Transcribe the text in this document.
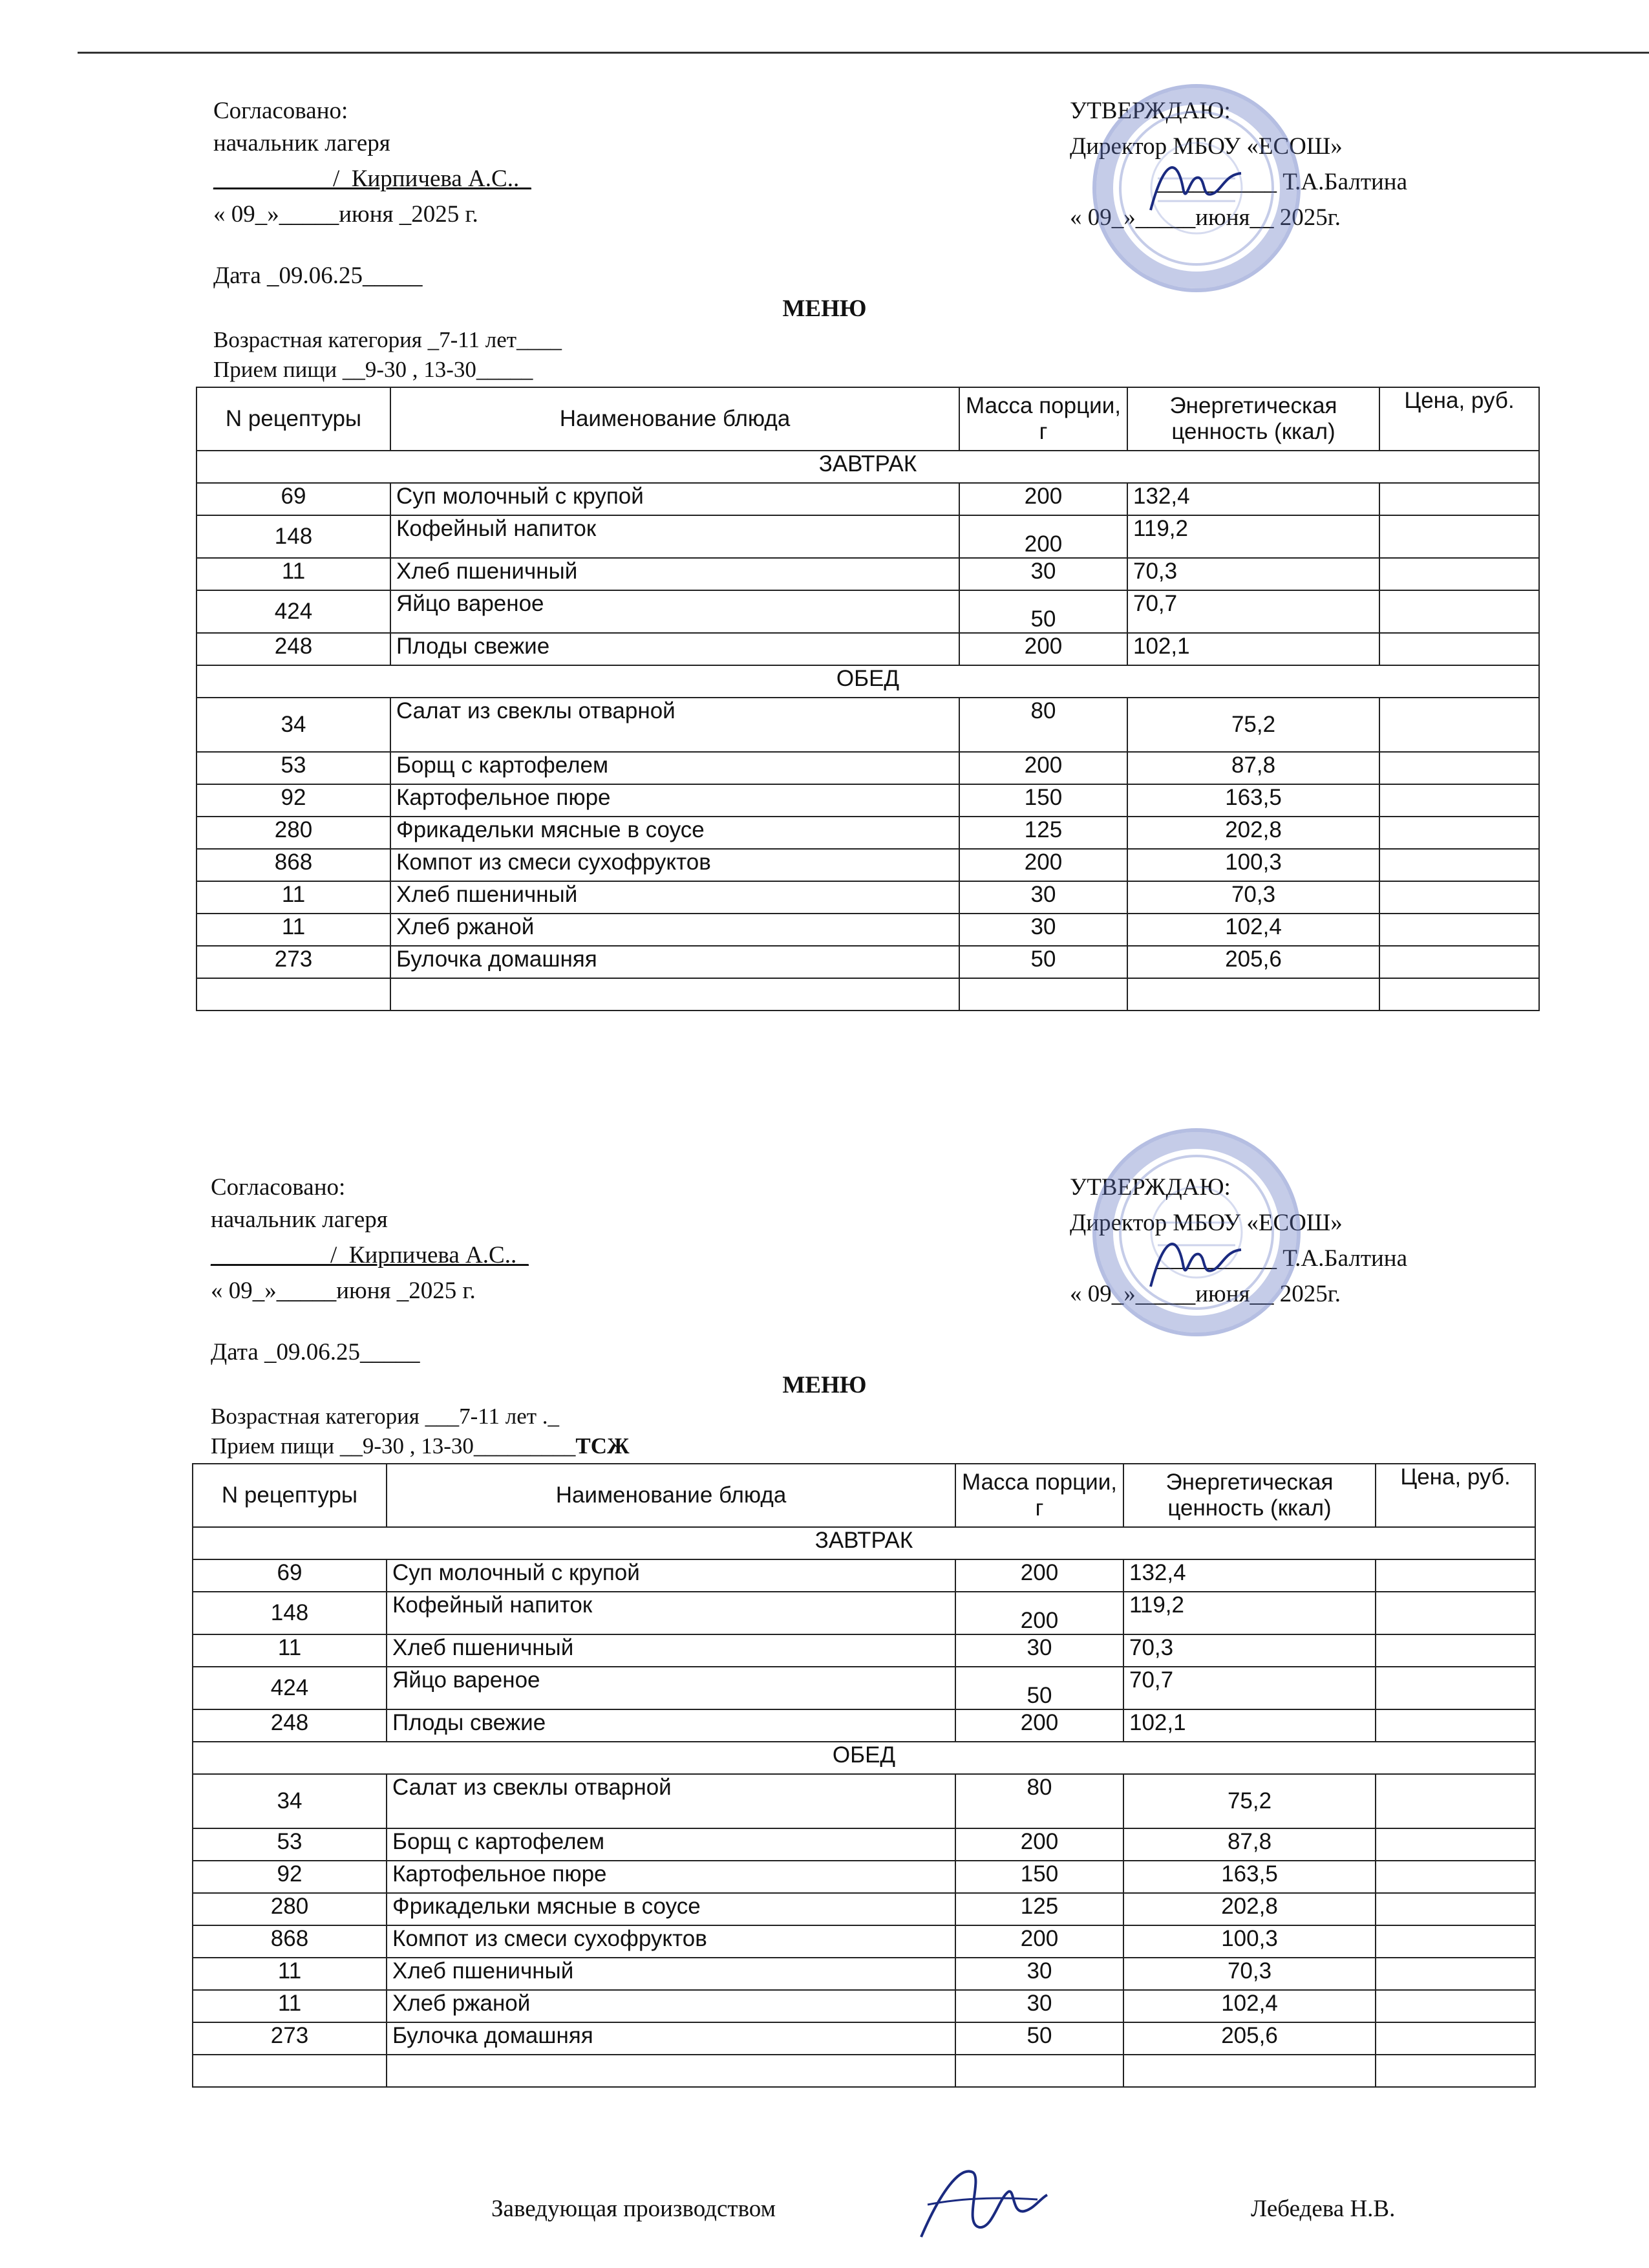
Согласовано:
начальник лагеря
__________/_Кирпичева А.С.._
« 09_»_____июня _2025 г.
УТВЕРЖДАЮ:
Директор МБОУ «ЕСОШ»
__________ Т.А.Балтина
« 09_»_____июня__ 2025г.
Дата _09.06.25_____
МЕНЮ
Возрастная категория _7-11 лет____
Прием пищи __9-30 , 13-30_____
N рецептуры	Наименование блюда	Масса порции, г	Энергетическая ценность (ккал)	Цена, руб.
ЗАВТРАК				
69	Суп молочный с крупой	200	132,4	
148	Кофейный напиток	200	119,2	
11	Хлеб пшеничный	30	70,3	
424	Яйцо вареное	50	70,7	
248	Плоды свежие	200	102,1	
ОБЕД				
34	Салат из свеклы отварной	80	75,2	
53	Борщ с картофелем	200	87,8	
92	Картофельное пюре	150	163,5	
280	Фрикадельки мясные в соусе	125	202,8	
868	Компот из смеси сухофруктов	200	100,3	
11	Хлеб пшеничный	30	70,3	
11	Хлеб ржаной	30	102,4	
273	Булочка домашняя	50	205,6	

Согласовано:
начальник лагеря
__________/_Кирпичева А.С.._
« 09_»_____июня _2025 г.
УТВЕРЖДАЮ:
Директор МБОУ «ЕСОШ»
__________ Т.А.Балтина
« 09_»_____июня__ 2025г.
Дата _09.06.25_____
МЕНЮ
Возрастная категория ___7-11 лет ._
Прием пищи __9-30 , 13-30_________ТСЖ
N рецептуры	Наименование блюда	Масса порции, г	Энергетическая ценность (ккал)	Цена, руб.
ЗАВТРАК				
69	Суп молочный с крупой	200	132,4	
148	Кофейный напиток	200	119,2	
11	Хлеб пшеничный	30	70,3	
424	Яйцо вареное	50	70,7	
248	Плоды свежие	200	102,1	
ОБЕД				
34	Салат из свеклы отварной	80	75,2	
53	Борщ с картофелем	200	87,8	
92	Картофельное пюре	150	163,5	
280	Фрикадельки мясные в соусе	125	202,8	
868	Компот из смеси сухофруктов	200	100,3	
11	Хлеб пшеничный	30	70,3	
11	Хлеб ржаной	30	102,4	
273	Булочка домашняя	50	205,6	

Заведующая производством	Лебедева Н.В.
